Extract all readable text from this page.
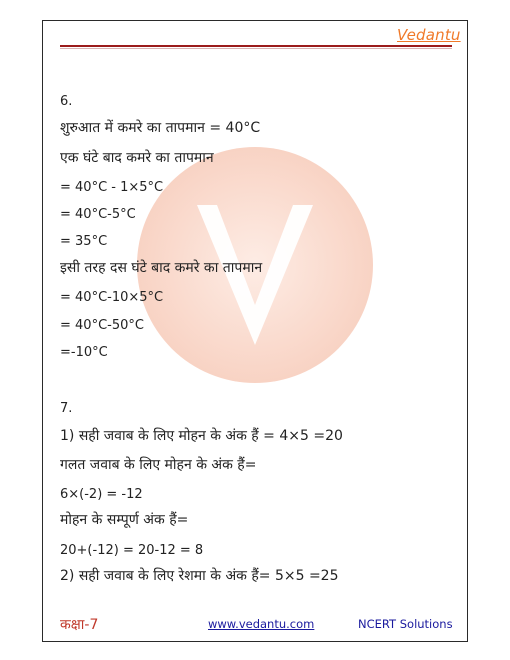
Vedantu
6.
शुरुआत में कमरे का तापमान = 40°C
एक घंटे बाद कमरे का तापमान
= 40°C - 1×5°C
= 40°C-5°C
= 35°C
इसी तरह दस घंटे बाद कमरे का तापमान
= 40°C-10×5°C
= 40°C-50°C
=-10°C
7.
1) सही जवाब के लिए मोहन के अंक हैं = 4×5 =20
गलत जवाब के लिए मोहन के अंक हैं=
6×(-2) = -12
मोहन के सम्पूर्ण अंक हैं=
20+(-12) = 20-12 = 8
2) सही जवाब के लिए रेशमा के अंक हैं= 5×5 =25
कक्षा-7	www.vedantu.com	NCERT Solutions
